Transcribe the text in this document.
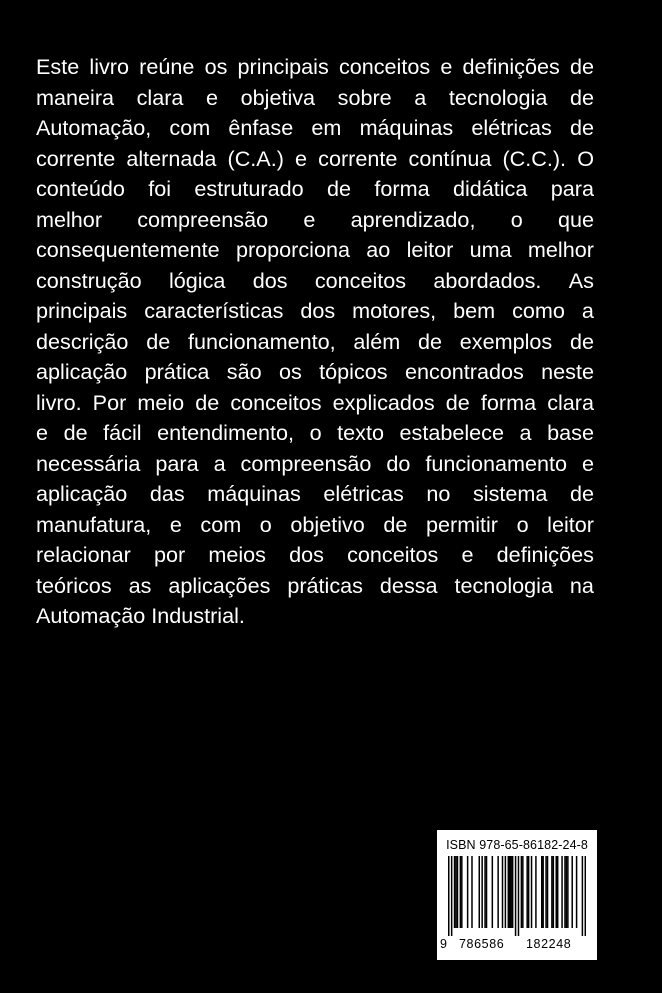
Este livro reúne os principais conceitos e definições de
maneira clara e objetiva sobre a tecnologia de
Automação, com ênfase em máquinas elétricas de
corrente alternada (C.A.) e corrente contínua (C.C.). O
conteúdo foi estruturado de forma didática para
melhor compreensão e aprendizado, o que
consequentemente proporciona ao leitor uma melhor
construção lógica dos conceitos abordados. As
principais características dos motores, bem como a
descrição de funcionamento, além de exemplos de
aplicação prática são os tópicos encontrados neste
livro. Por meio de conceitos explicados de forma clara
e de fácil entendimento, o texto estabelece a base
necessária para a compreensão do funcionamento e
aplicação das máquinas elétricas no sistema de
manufatura, e com o objetivo de permitir o leitor
relacionar por meios dos conceitos e definições
teóricos as aplicações práticas dessa tecnologia na
Automação Industrial.
ISBN 978-65-86182-24-8
9 786586 182248
